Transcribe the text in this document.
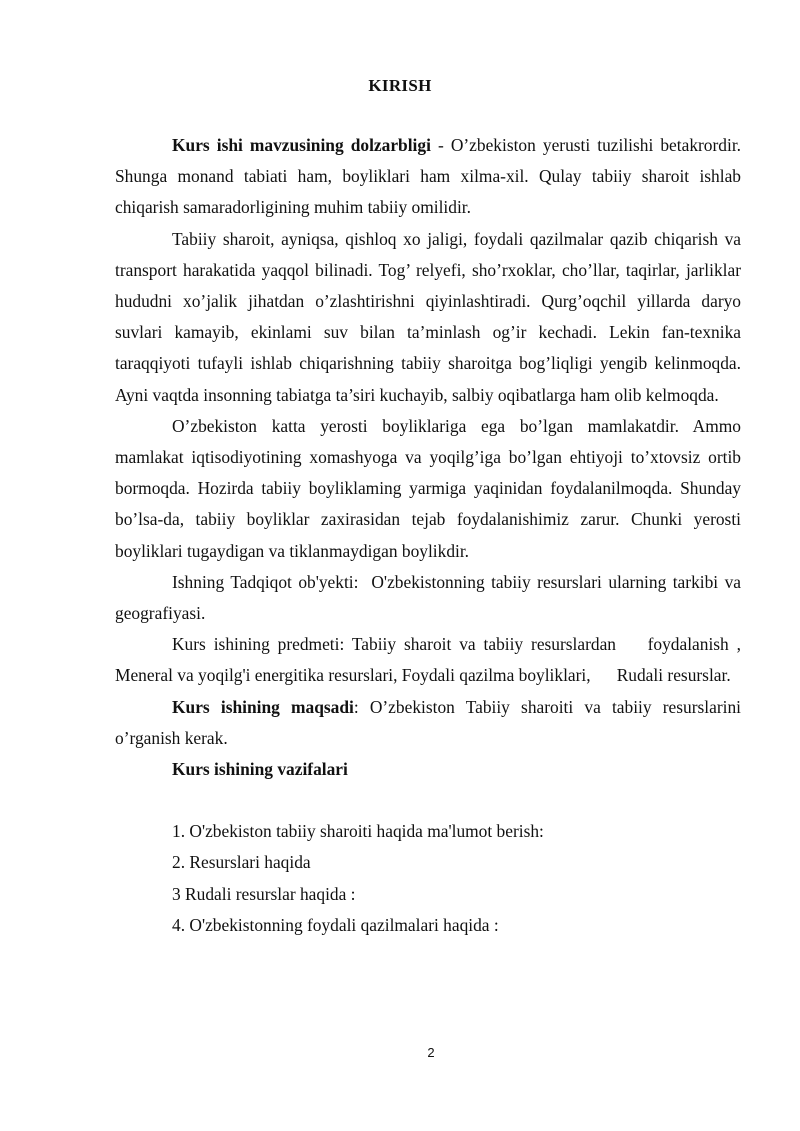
KIRISH

Kurs ishi mavzusining dolzarbligi - O’zbekiston yerusti tuzilishi betakrordir. Shunga monand tabiati ham, boyliklari ham xilma-xil. Qulay tabiiy sharoit ishlab chiqarish samaradorligining muhim tabiiy omilidir.

Tabiiy sharoit, ayniqsa, qishloq xo jaligi, foydali qazilmalar qazib chiqarish va transport harakatida yaqqol bilinadi. Tog’ relyefi, sho’rxoklar, cho’llar, taqirlar, jarliklar hududni xo’jalik jihatdan o’zlashtirishni qiyinlashtiradi. Qurg’oqchil yillarda daryo suvlari kamayib, ekinlami suv bilan ta’minlash og’ir kechadi. Lekin fan-texnika taraqqiyoti tufayli ishlab chiqarishning tabiiy sharoitga bog’liqligi yengib kelinmoqda. Ayni vaqtda insonning tabiatga ta’siri kuchayib, salbiy oqibatlarga ham olib kelmoqda.

O’zbekiston katta yerosti boyliklariga ega bo’lgan mamlakatdir. Ammo mamlakat iqtisodiyotining xomashyoga va yoqilg’iga bo’lgan ehtiyoji to’xtovsiz ortib bormoqda. Hozirda tabiiy boyliklaming yarmiga yaqinidan foydalanilmoqda. Shunday bo’lsa-da, tabiiy boyliklar zaxirasidan tejab foydalanishimiz zarur. Chunki yerosti boyliklari tugaydigan va tiklanmaydigan boylikdir.

Ishning Tadqiqot ob'yekti:  O'zbekistonning tabiiy resurslari ularning tarkibi va geografiyasi.

Kurs ishining predmeti: Tabiiy sharoit va tabiiy resurslardan    foydalanish , Meneral va yoqilg'i energitika resurslari, Foydali qazilma boyliklari,      Rudali resurslar.

Kurs ishining maqsadi: O’zbekiston Tabiiy sharoiti va tabiiy resurslarini o’rganish kerak.

Kurs ishining vazifalari

1. O'zbekiston tabiiy sharoiti haqida ma'lumot berish:
2. Resurslari haqida
3 Rudali resurslar haqida :
4. O'zbekistonning foydali qazilmalari haqida :
2
